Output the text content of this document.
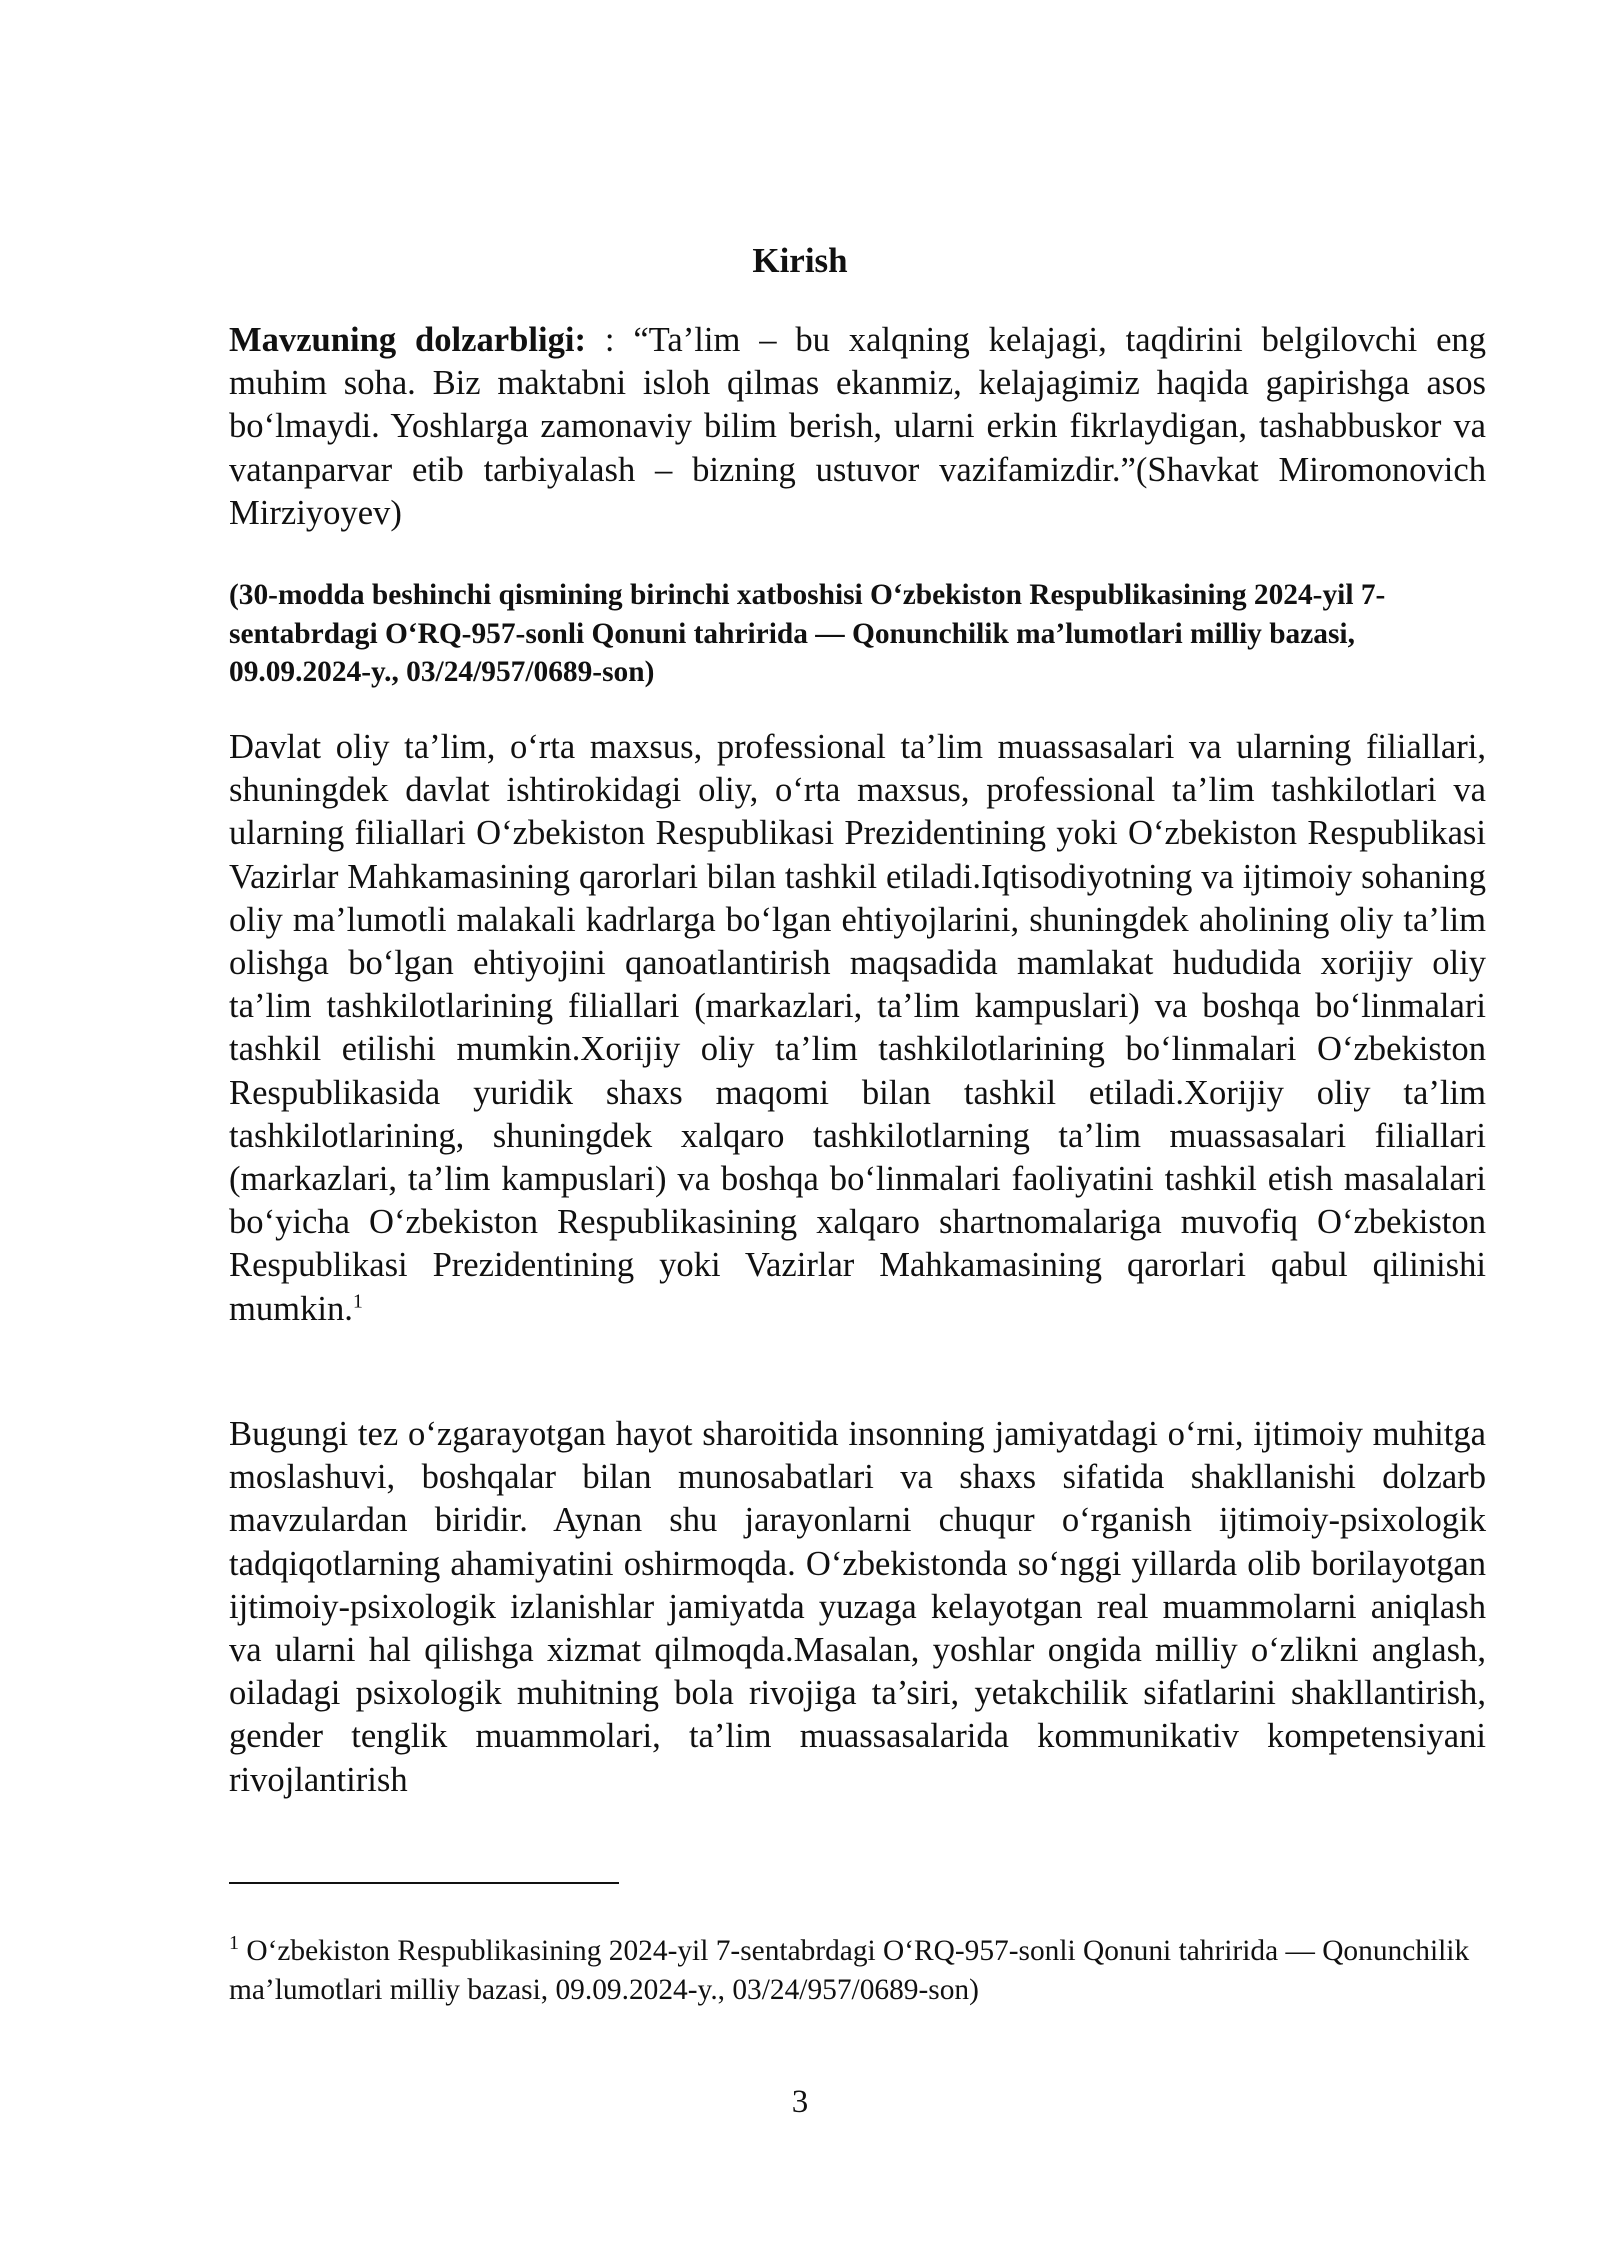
Kirish

Mavzuning dolzarbligi: : “Ta’lim – bu xalqning kelajagi, taqdirini belgilovchi eng muhim soha. Biz maktabni isloh qilmas ekanmiz, kelajagimiz haqida gapirishga asos bo‘lmaydi. Yoshlarga zamonaviy bilim berish, ularni erkin fikrlaydigan, tashabbuskor va vatanparvar etib tarbiyalash – bizning ustuvor vazifamizdir.”(Shavkat Miromonovich Mirziyoyev)

(30-modda beshinchi qismining birinchi xatboshisi O‘zbekiston Respublikasining 2024-yil 7-sentabrdagi O‘RQ-957-sonli Qonuni tahririda — Qonunchilik ma’lumotlari milliy bazasi, 09.09.2024-y., 03/24/957/0689-son)

Davlat oliy ta’lim, o‘rta maxsus, professional ta’lim muassasalari va ularning filiallari, shuningdek davlat ishtirokidagi oliy, o‘rta maxsus, professional ta’lim tashkilotlari va ularning filiallari O‘zbekiston Respublikasi Prezidentining yoki O‘zbekiston Respublikasi Vazirlar Mahkamasining qarorlari bilan tashkil etiladi.Iqtisodiyotning va ijtimoiy sohaning oliy ma’lumotli malakali kadrlarga bo‘lgan ehtiyojlarini, shuningdek aholining oliy ta’lim olishga bo‘lgan ehtiyojini qanoatlantirish maqsadida mamlakat hududida xorijiy oliy ta’lim tashkilotlarining filiallari (markazlari, ta’lim kampuslari) va boshqa bo‘linmalari tashkil etilishi mumkin.Xorijiy oliy ta’lim tashkilotlarining bo‘linmalari O‘zbekiston Respublikasida yuridik shaxs maqomi bilan tashkil etiladi.Xorijiy oliy ta’lim tashkilotlarining, shuningdek xalqaro tashkilotlarning ta’lim muassasalari filiallari (markazlari, ta’lim kampuslari) va boshqa bo‘linmalari faoliyatini tashkil etish masalalari bo‘yicha O‘zbekiston Respublikasining xalqaro shartnomalariga muvofiq O‘zbekiston Respublikasi Prezidentining yoki Vazirlar Mahkamasining qarorlari qabul qilinishi mumkin.$^1$

Bugungi tez o‘zgarayotgan hayot sharoitida insonning jamiyatdagi o‘rni, ijtimoiy muhitga moslashuvi, boshqalar bilan munosabatlari va shaxs sifatida shakllanishi dolzarb mavzulardan biridir. Aynan shu jarayonlarni chuqur o‘rganish ijtimoiy-psixologik tadqiqotlarning ahamiyatini oshirmoqda. O‘zbekistonda so‘nggi yillarda olib borilayotgan ijtimoiy-psixologik izlanishlar jamiyatda yuzaga kelayotgan real muammolarni aniqlash va ularni hal qilishga xizmat qilmoqda.Masalan, yoshlar ongida milliy o‘zlikni anglash, oiladagi psixologik muhitning bola rivojiga ta’siri, yetakchilik sifatlarini shakllantirish, gender tenglik muammolari, ta’lim muassasalarida kommunikativ kompetensiyani rivojlantirish

$^1$ O‘zbekiston Respublikasining 2024-yil 7-sentabrdagi O‘RQ-957-sonli Qonuni tahririda — Qonunchilik ma’lumotlari milliy bazasi, 09.09.2024-y., 03/24/957/0689-son)

3
